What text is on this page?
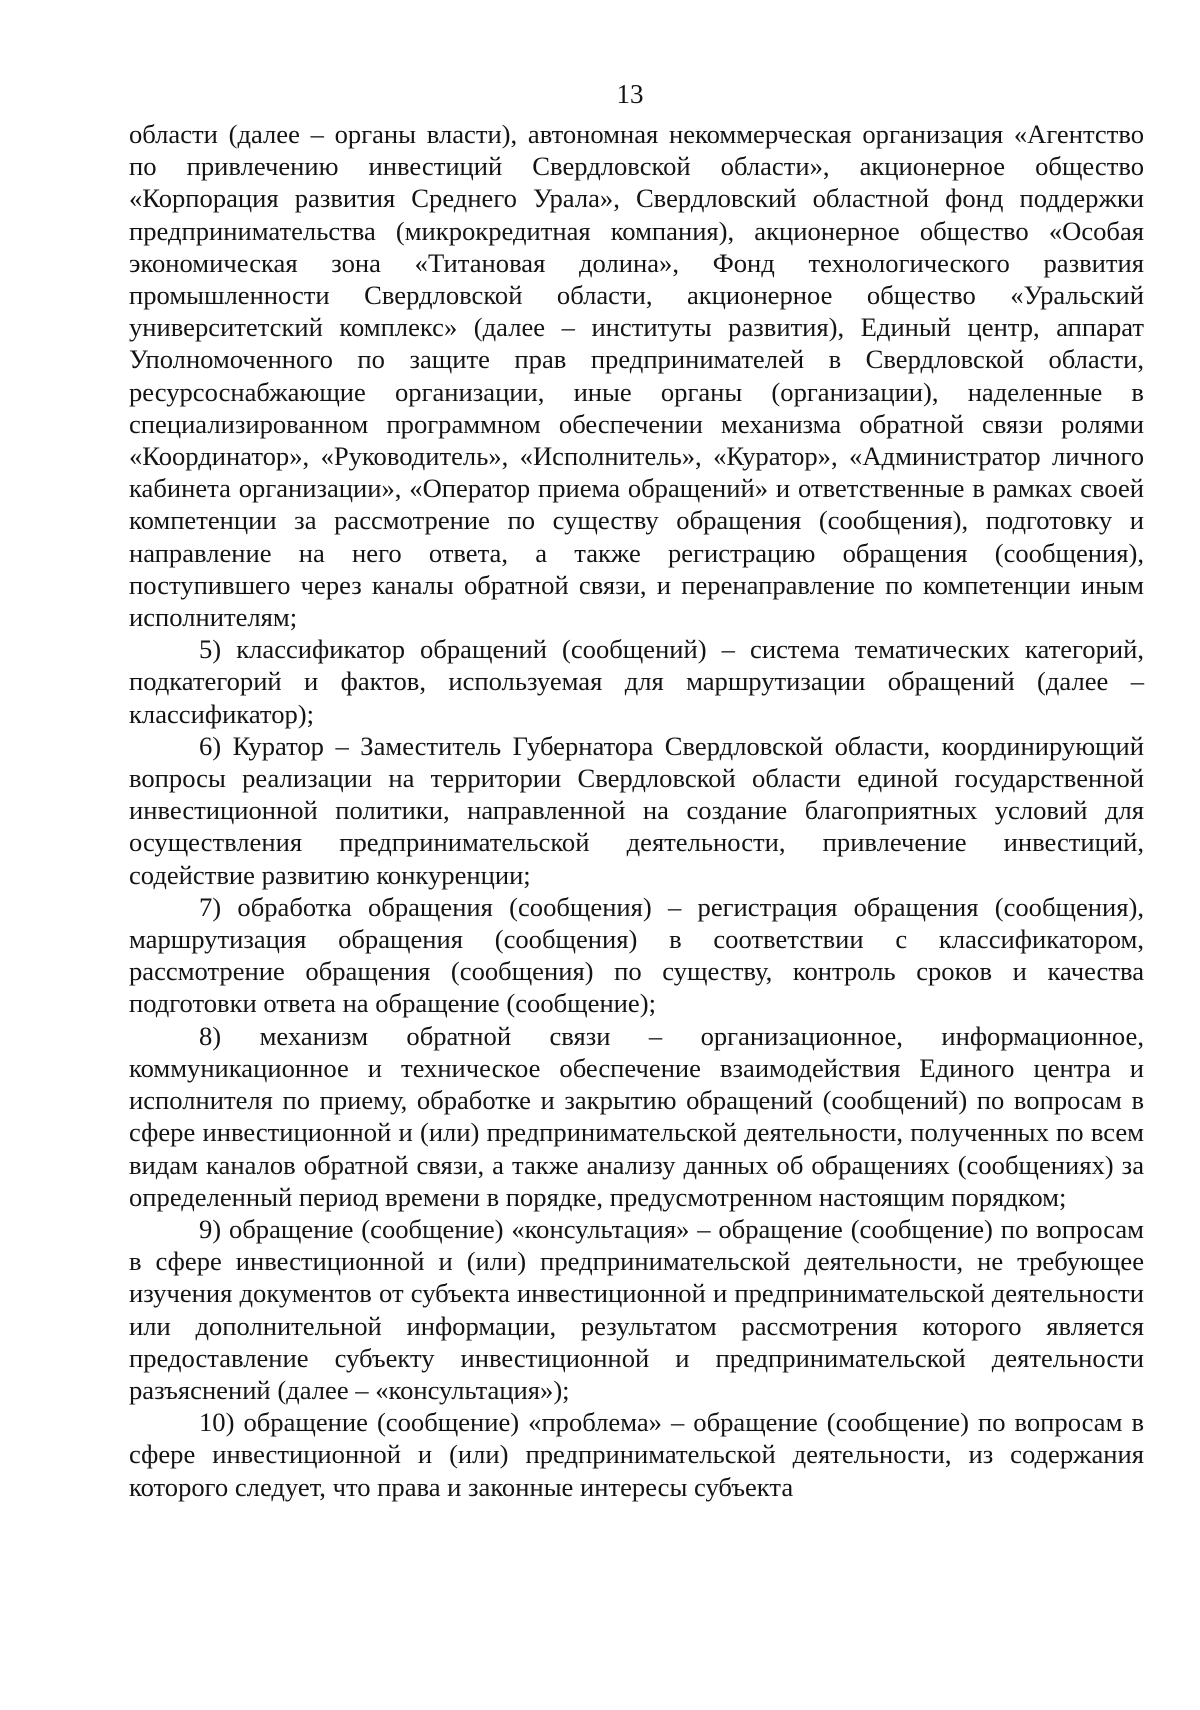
13

области (далее – органы власти), автономная некоммерческая организация «Агентство по привлечению инвестиций Свердловской области», акционерное общество «Корпорация развития Среднего Урала», Свердловский областной фонд поддержки предпринимательства (микрокредитная компания), акционерное общество «Особая экономическая зона «Титановая долина», Фонд технологического развития промышленности Свердловской области, акционерное общество «Уральский университетский комплекс» (далее – институты развития), Единый центр, аппарат Уполномоченного по защите прав предпринимателей в Свердловской области, ресурсоснабжающие организации, иные органы (организации), наделенные в специализированном программном обеспечении механизма обратной связи ролями «Координатор», «Руководитель», «Исполнитель», «Куратор», «Администратор личного кабинета организации», «Оператор приема обращений» и ответственные в рамках своей компетенции за рассмотрение по существу обращения (сообщения), подготовку и направление на него ответа, а также регистрацию обращения (сообщения), поступившего через каналы обратной связи, и перенаправление по компетенции иным исполнителям;

5) классификатор обращений (сообщений) – система тематических категорий, подкатегорий и фактов, используемая для маршрутизации обращений (далее – классификатор);

6) Куратор – Заместитель Губернатора Свердловской области, координирующий вопросы реализации на территории Свердловской области единой государственной инвестиционной политики, направленной на создание благоприятных условий для осуществления предпринимательской деятельности, привлечение инвестиций, содействие развитию конкуренции;

7) обработка обращения (сообщения) – регистрация обращения (сообщения), маршрутизация обращения (сообщения) в соответствии с классификатором, рассмотрение обращения (сообщения) по существу, контроль сроков и качества подготовки ответа на обращение (сообщение);

8) механизм обратной связи – организационное, информационное, коммуникационное и техническое обеспечение взаимодействия Единого центра и исполнителя по приему, обработке и закрытию обращений (сообщений) по вопросам в сфере инвестиционной и (или) предпринимательской деятельности, полученных по всем видам каналов обратной связи, а также анализу данных об обращениях (сообщениях) за определенный период времени в порядке, предусмотренном настоящим порядком;

9) обращение (сообщение) «консультация» – обращение (сообщение) по вопросам в сфере инвестиционной и (или) предпринимательской деятельности, не требующее изучения документов от субъекта инвестиционной и предпринимательской деятельности или дополнительной информации, результатом рассмотрения которого является предоставление субъекту инвестиционной и предпринимательской деятельности разъяснений (далее – «консультация»);

10) обращение (сообщение) «проблема» – обращение (сообщение) по вопросам в сфере инвестиционной и (или) предпринимательской деятельности, из содержания которого следует, что права и законные интересы субъекта
